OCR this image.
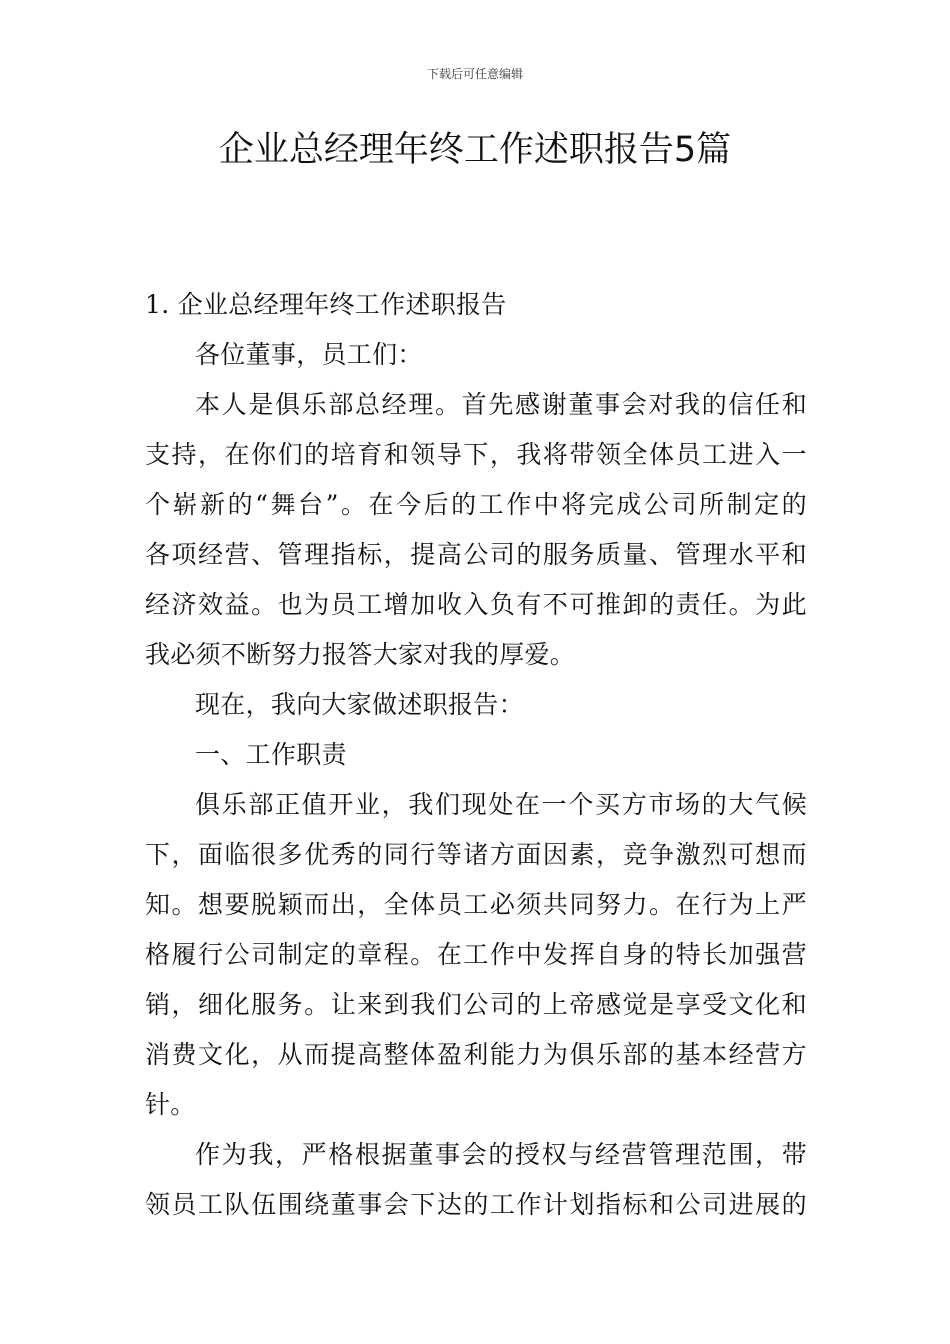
下载后可任意编辑
企业总经理年终工作述职报告5篇
1. 企业总经理年终工作述职报告
各位董事，员工们：
本人是俱乐部总经理。首先感谢董事会对我的信任和
支持，在你们的培育和领导下，我将带领全体员工进入一
个崭新的“舞台”。在今后的工作中将完成公司所制定的
各项经营、管理指标，提高公司的服务质量、管理水平和
经济效益。也为员工增加收入负有不可推卸的责任。为此
我必须不断努力报答大家对我的厚爱。
现在，我向大家做述职报告：
一、工作职责
俱乐部正值开业，我们现处在一个买方市场的大气候
下，面临很多优秀的同行等诸方面因素，竞争激烈可想而
知。想要脱颖而出，全体员工必须共同努力。在行为上严
格履行公司制定的章程。在工作中发挥自身的特长加强营
销，细化服务。让来到我们公司的上帝感觉是享受文化和
消费文化，从而提高整体盈利能力为俱乐部的基本经营方
针。
作为我，严格根据董事会的授权与经营管理范围，带
领员工队伍围绕董事会下达的工作计划指标和公司进展的
